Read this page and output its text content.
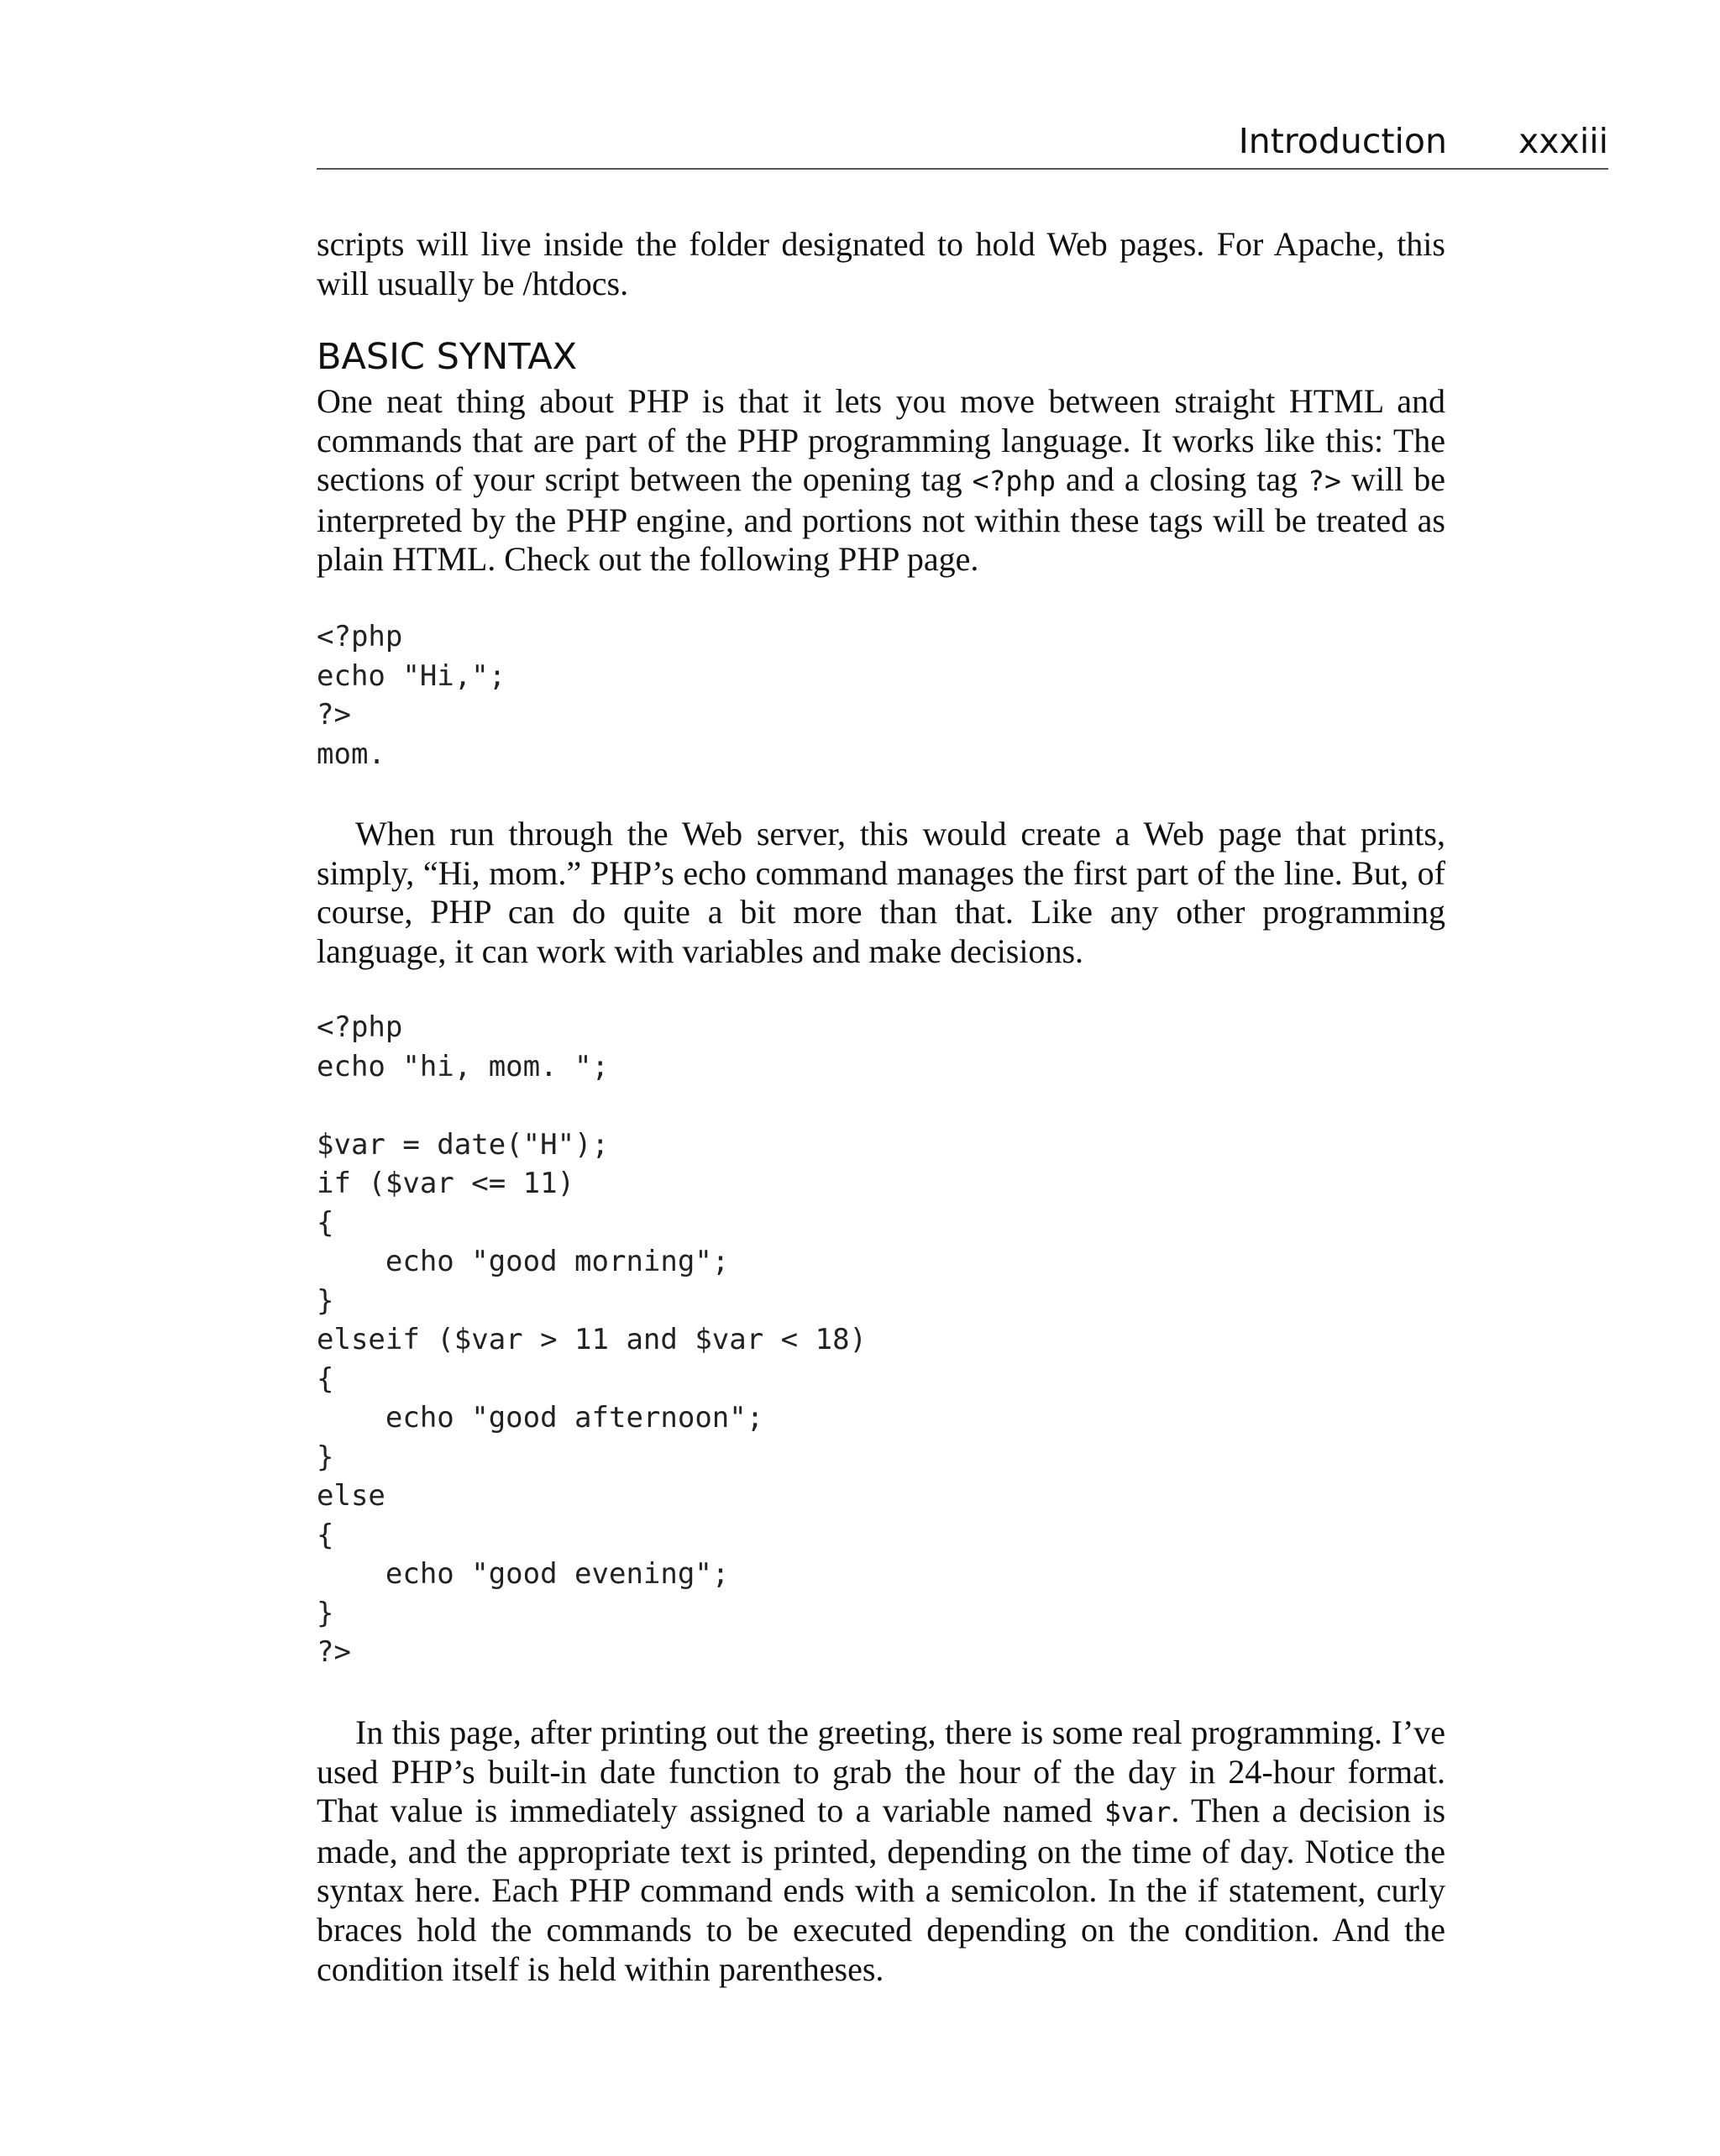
Introduction xxxiii

scripts will live inside the folder designated to hold Web pages. For Apache, this will usually be /htdocs.

BASIC SYNTAX

One neat thing about PHP is that it lets you move between straight HTML and commands that are part of the PHP programming language. It works like this: The sections of your script between the opening tag <?php and a closing tag ?> will be interpreted by the PHP engine, and portions not within these tags will be treated as plain HTML. Check out the following PHP page.

<?php
echo "Hi,";
?>
mom.

When run through the Web server, this would create a Web page that prints, simply, “Hi, mom.” PHP’s echo command manages the first part of the line. But, of course, PHP can do quite a bit more than that. Like any other programming language, it can work with variables and make decisions.

<?php
echo "hi, mom. ";

$var = date("H");
if ($var <= 11)
{
echo "good morning";
}
elseif ($var > 11 and $var < 18)
{
echo "good afternoon";
}
else
{
echo "good evening";
}
?>

In this page, after printing out the greeting, there is some real programming. I’ve used PHP’s built-in date function to grab the hour of the day in 24-hour format. That value is immediately assigned to a variable named $var. Then a decision is made, and the appropriate text is printed, depending on the time of day. Notice the syntax here. Each PHP command ends with a semicolon. In the if statement, curly braces hold the commands to be executed depending on the condition. And the condition itself is held within parentheses.
